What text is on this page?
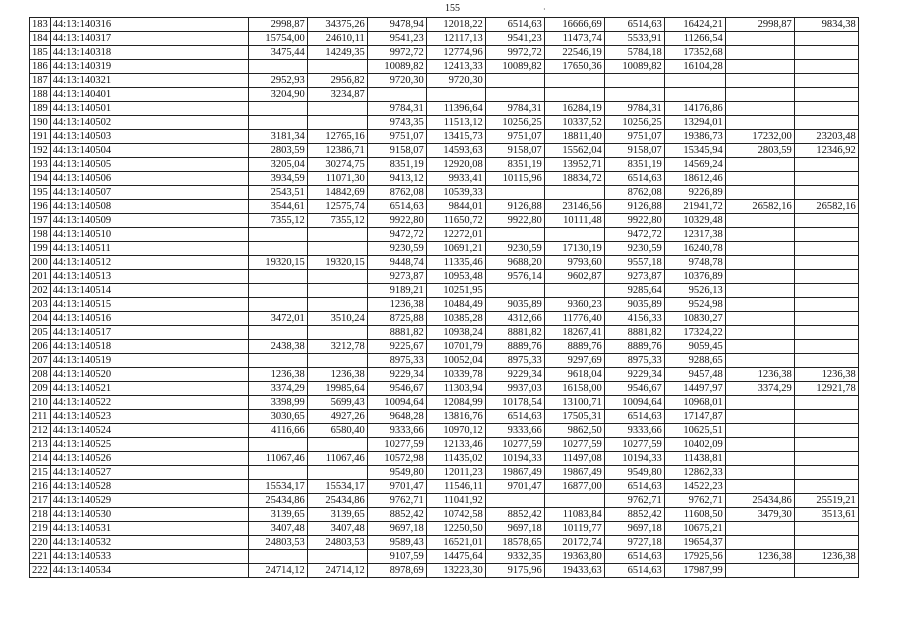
155	·
183	44:13:140316	2998,87	34375,26	9478,94	12018,22	6514,63	16666,69	6514,63	16424,21	2998,87	9834,38
184	44:13:140317	15754,00	24610,11	9541,23	12117,13	9541,23	11473,74	5533,91	11266,54		
185	44:13:140318	3475,44	14249,35	9972,72	12774,96	9972,72	22546,19	5784,18	17352,68		
186	44:13:140319			10089,82	12413,33	10089,82	17650,36	10089,82	16104,28		
187	44:13:140321	2952,93	2956,82	9720,30	9720,30						
188	44:13:140401	3204,90	3234,87								
189	44:13:140501			9784,31	11396,64	9784,31	16284,19	9784,31	14176,86		
190	44:13:140502			9743,35	11513,12	10256,25	10337,52	10256,25	13294,01		
191	44:13:140503	3181,34	12765,16	9751,07	13415,73	9751,07	18811,40	9751,07	19386,73	17232,00	23203,48
192	44:13:140504	2803,59	12386,71	9158,07	14593,63	9158,07	15562,04	9158,07	15345,94	2803,59	12346,92
193	44:13:140505	3205,04	30274,75	8351,19	12920,08	8351,19	13952,71	8351,19	14569,24		
194	44:13:140506	3934,59	11071,30	9413,12	9933,41	10115,96	18834,72	6514,63	18612,46		
195	44:13:140507	2543,51	14842,69	8762,08	10539,33			8762,08	9226,89		
196	44:13:140508	3544,61	12575,74	6514,63	9844,01	9126,88	23146,56	9126,88	21941,72	26582,16	26582,16
197	44:13:140509	7355,12	7355,12	9922,80	11650,72	9922,80	10111,48	9922,80	10329,48		
198	44:13:140510			9472,72	12272,01			9472,72	12317,38		
199	44:13:140511			9230,59	10691,21	9230,59	17130,19	9230,59	16240,78		
200	44:13:140512	19320,15	19320,15	9448,74	11335,46	9688,20	9793,60	9557,18	9748,78		
201	44:13:140513			9273,87	10953,48	9576,14	9602,87	9273,87	10376,89		
202	44:13:140514			9189,21	10251,95			9285,64	9526,13		
203	44:13:140515			1236,38	10484,49	9035,89	9360,23	9035,89	9524,98		
204	44:13:140516	3472,01	3510,24	8725,88	10385,28	4312,66	11776,40	4156,33	10830,27		
205	44:13:140517			8881,82	10938,24	8881,82	18267,41	8881,82	17324,22		
206	44:13:140518	2438,38	3212,78	9225,67	10701,79	8889,76	8889,76	8889,76	9059,45		
207	44:13:140519			8975,33	10052,04	8975,33	9297,69	8975,33	9288,65		
208	44:13:140520	1236,38	1236,38	9229,34	10339,78	9229,34	9618,04	9229,34	9457,48	1236,38	1236,38
209	44:13:140521	3374,29	19985,64	9546,67	11303,94	9937,03	16158,00	9546,67	14497,97	3374,29	12921,78
210	44:13:140522	3398,99	5699,43	10094,64	12084,99	10178,54	13100,71	10094,64	10968,01		
211	44:13:140523	3030,65	4927,26	9648,28	13816,76	6514,63	17505,31	6514,63	17147,87		
212	44:13:140524	4116,66	6580,40	9333,66	10970,12	9333,66	9862,50	9333,66	10625,51		
213	44:13:140525			10277,59	12133,46	10277,59	10277,59	10277,59	10402,09		
214	44:13:140526	11067,46	11067,46	10572,98	11435,02	10194,33	11497,08	10194,33	11438,81		
215	44:13:140527			9549,80	12011,23	19867,49	19867,49	9549,80	12862,33		
216	44:13:140528	15534,17	15534,17	9701,47	11546,11	9701,47	16877,00	6514,63	14522,23		
217	44:13:140529	25434,86	25434,86	9762,71	11041,92			9762,71	9762,71	25434,86	25519,21
218	44:13:140530	3139,65	3139,65	8852,42	10742,58	8852,42	11083,84	8852,42	11608,50	3479,30	3513,61
219	44:13:140531	3407,48	3407,48	9697,18	12250,50	9697,18	10119,77	9697,18	10675,21		
220	44:13:140532	24803,53	24803,53	9589,43	16521,01	18578,65	20172,74	9727,18	19654,37		
221	44:13:140533			9107,59	14475,64	9332,35	19363,80	6514,63	17925,56	1236,38	1236,38
222	44:13:140534	24714,12	24714,12	8978,69	13223,30	9175,96	19433,63	6514,63	17987,99		
